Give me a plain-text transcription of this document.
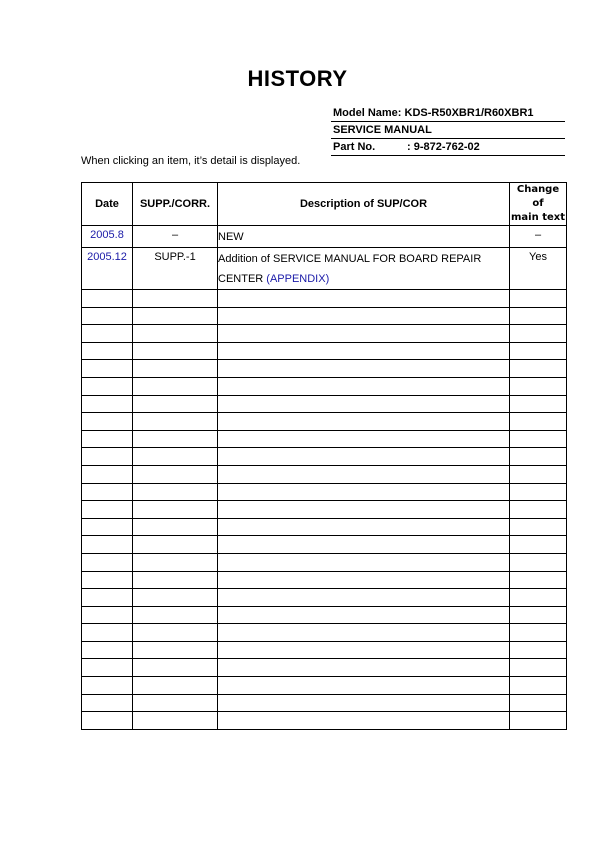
HISTORY
Model Name: KDS-R50XBR1/R60XBR1
SERVICE MANUAL
Part No.	: 9-872-762-02
When clicking an item, it’s detail is displayed.
Date	SUPP./CORR.	Description of SUP/COR	Change of
main text
2005.8	–	NEW	–
2005.12	SUPP.-1	Addition of SERVICE MANUAL FOR BOARD REPAIR CENTER (APPENDIX)	Yes
